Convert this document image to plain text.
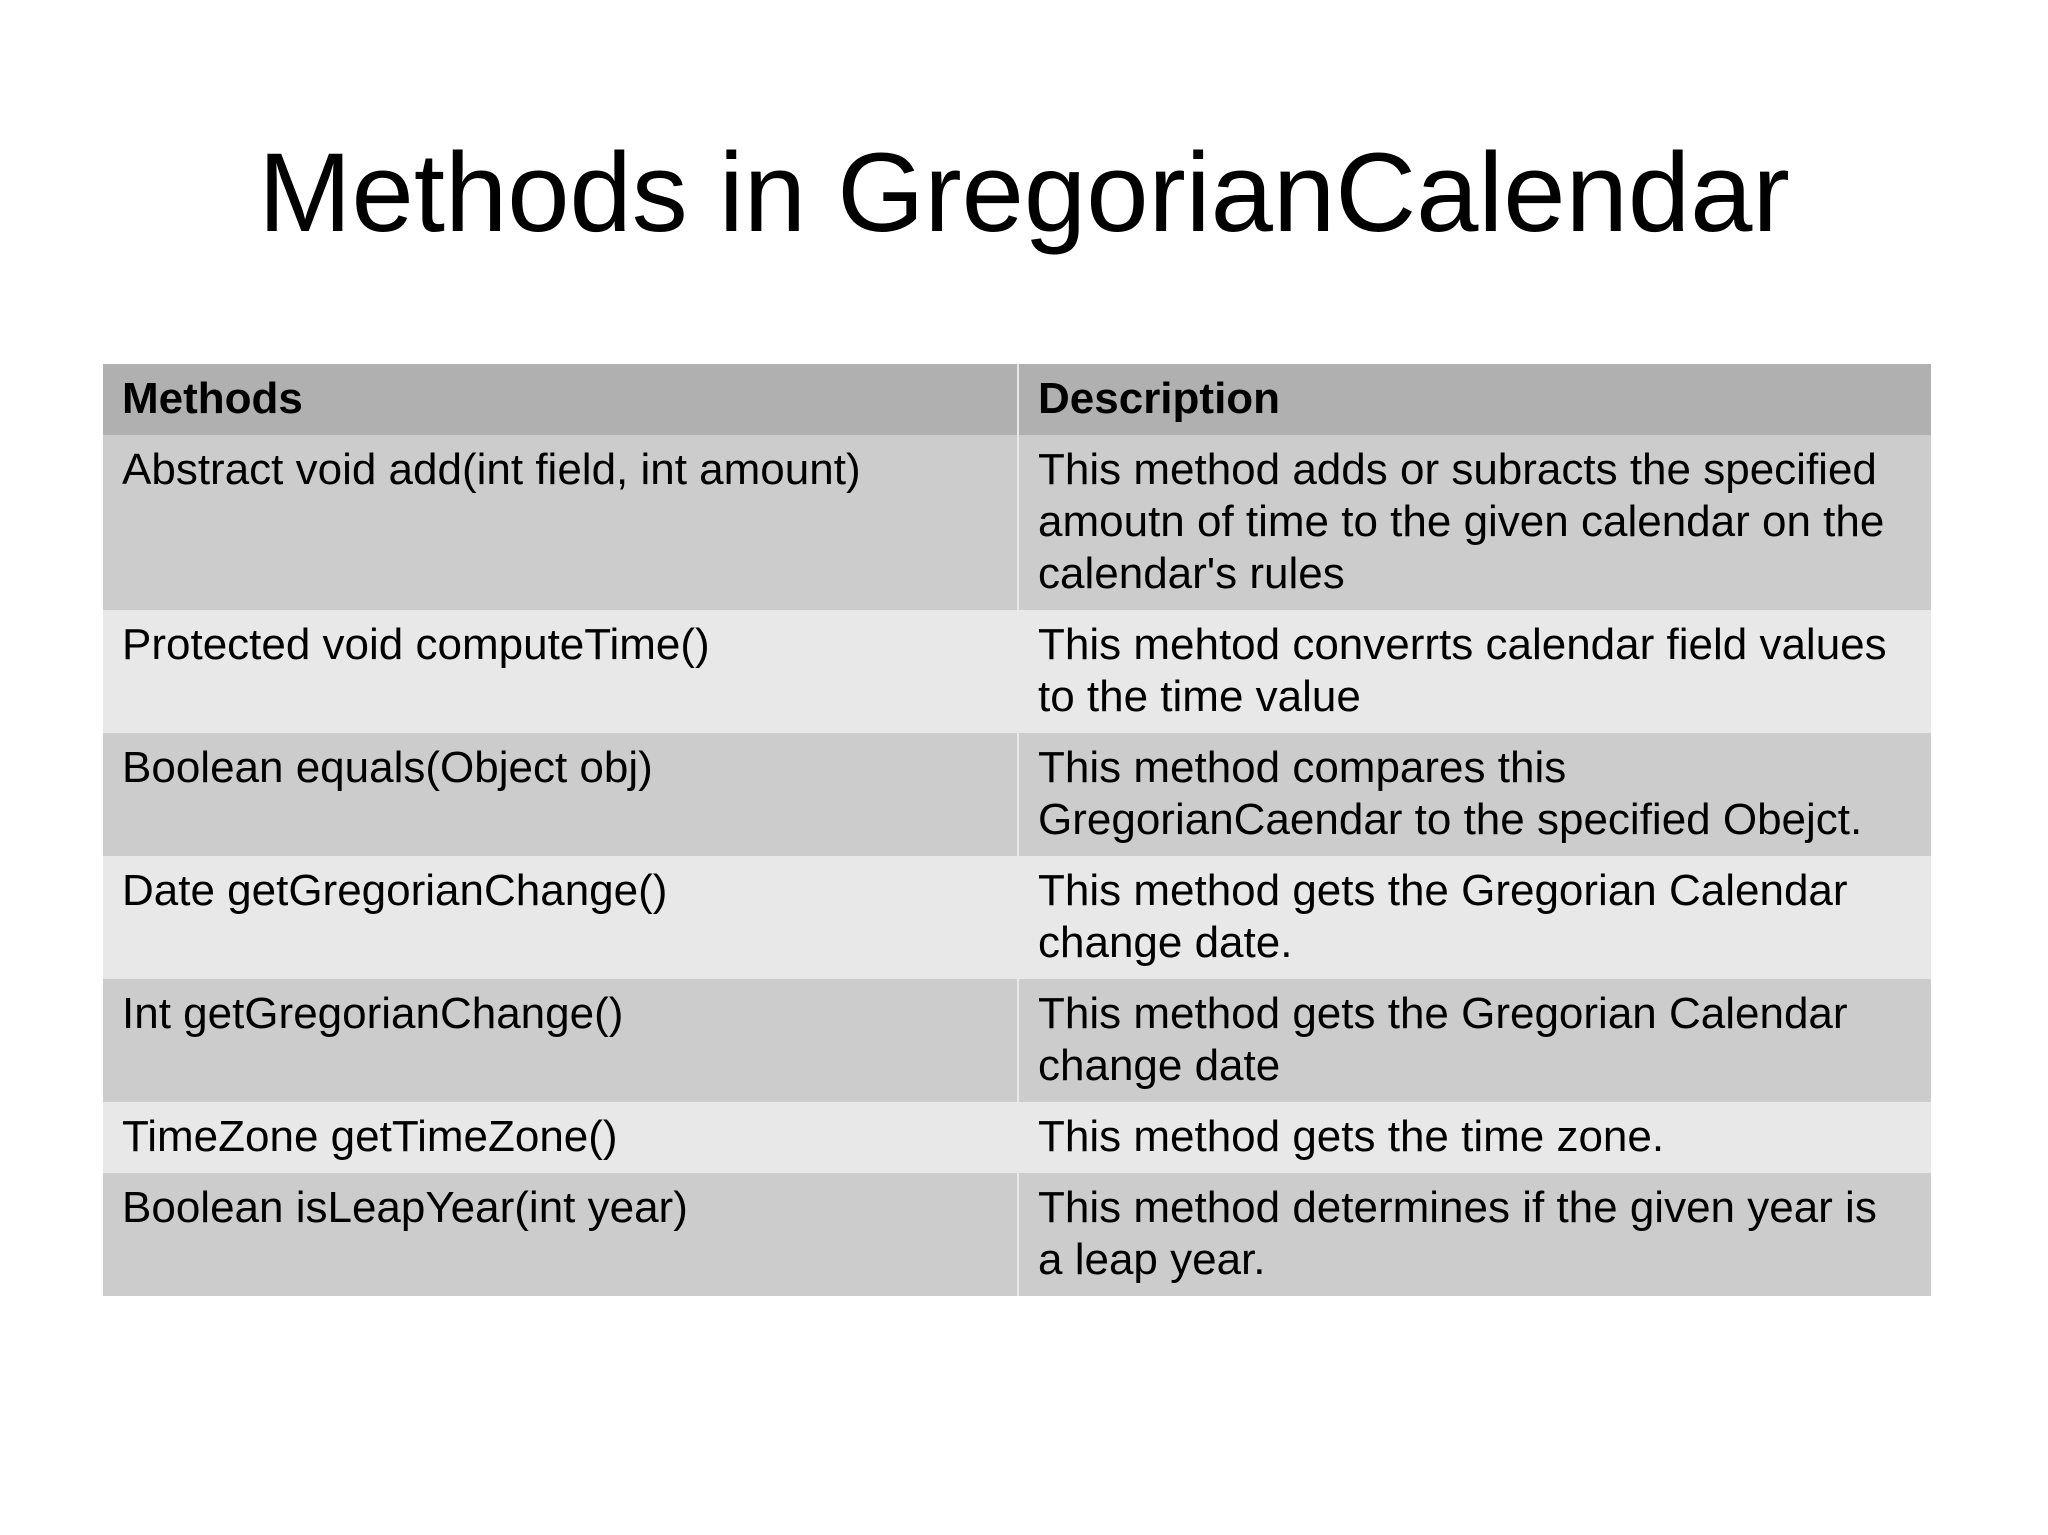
Methods in GregorianCalendar
Methods	Description
Abstract void add(int field, int amount)	This method adds or subracts the specified amoutn of time to the given calendar on the calendar's rules
Protected void computeTime()	This mehtod converrts calendar field values to the time value
Boolean equals(Object obj)	This method compares this GregorianCaendar to the specified Obejct.
Date getGregorianChange()	This method gets the Gregorian Calendar change date.
Int getGregorianChange()	This method gets the Gregorian Calendar change date
TimeZone getTimeZone()	This method gets the time zone.
Boolean isLeapYear(int year)	This method determines if the given year is a leap year.
